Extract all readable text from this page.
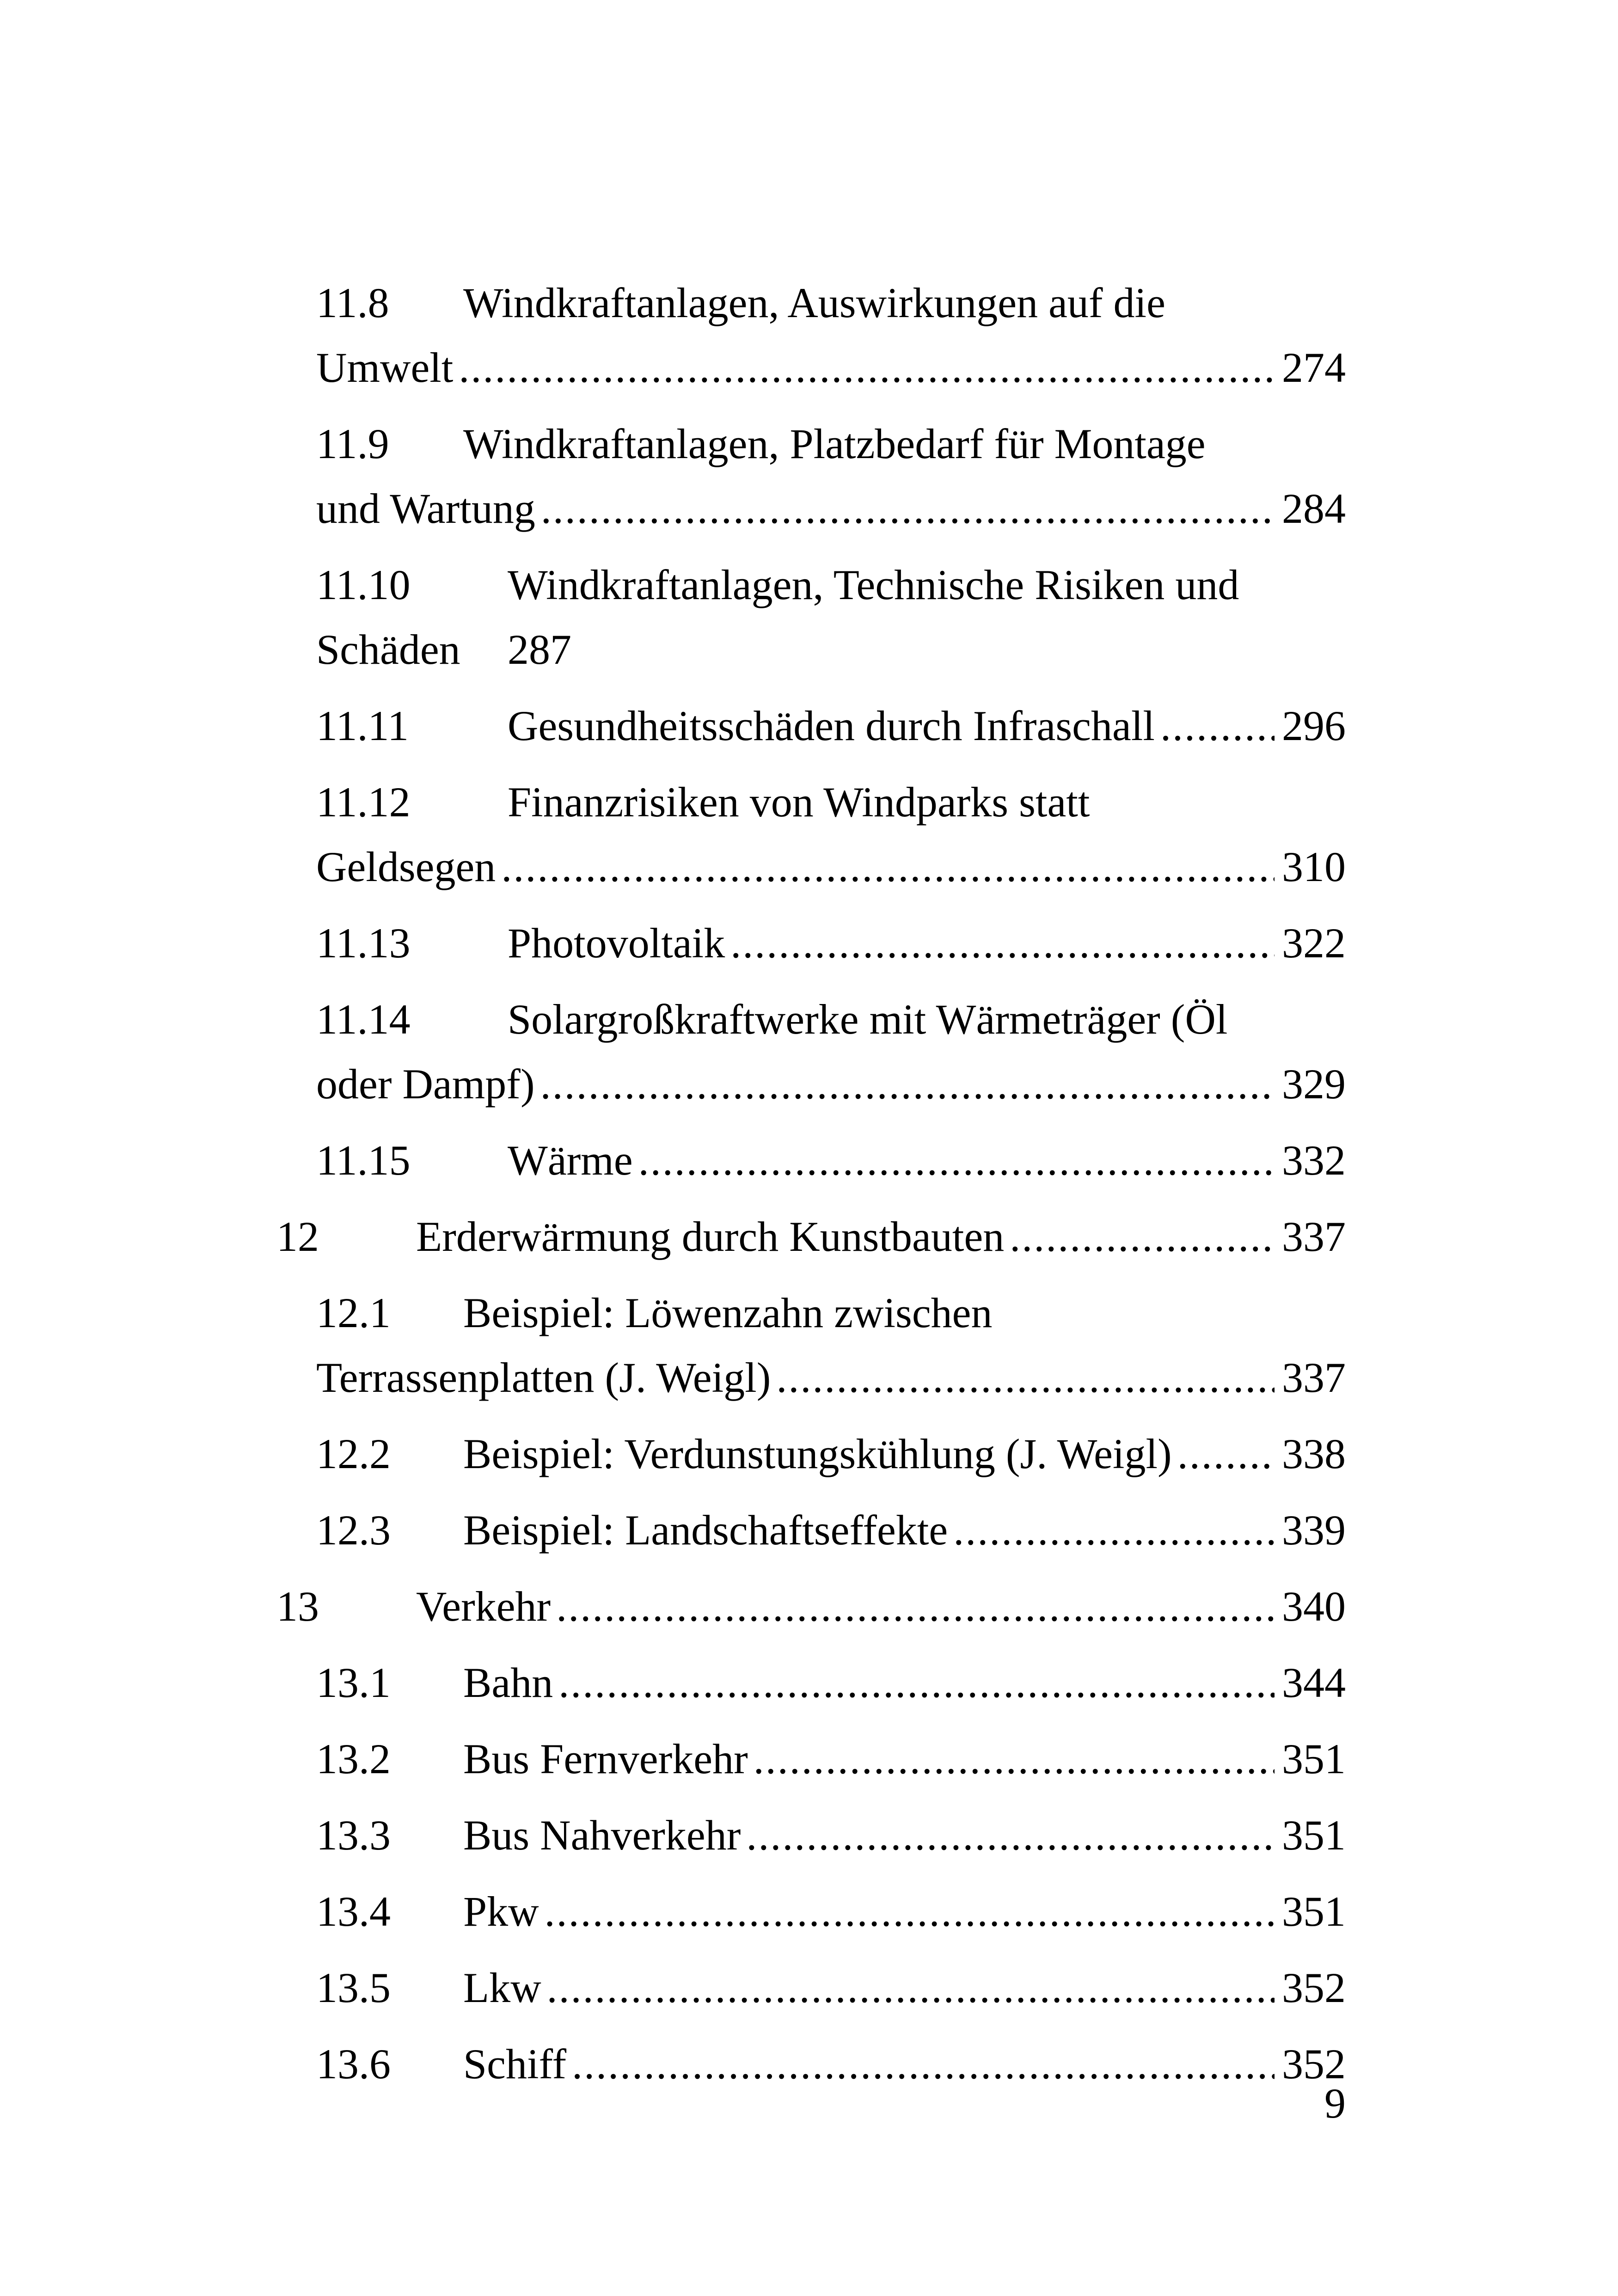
11.8	Windkraftanlagen, Auswirkungen auf die
Umwelt .....	274
11.9	Windkraftanlagen, Platzbedarf für Montage
und Wartung .....	284
11.10	Windkraftanlagen, Technische Risiken und
Schäden 287
11.11	Gesundheitsschäden durch Infraschall .....	296
11.12	Finanzrisiken von Windparks statt
Geldsegen .....	310
11.13	Photovoltaik .....	322
11.14	Solargroßkraftwerke mit Wärmeträger (Öl
oder Dampf) .....	329
11.15	Wärme .....	332
12	Erderwärmung durch Kunstbauten .....	337
12.1	Beispiel: Löwenzahn zwischen
Terrassenplatten (J. Weigl) .....	337
12.2	Beispiel: Verdunstungskühlung (J. Weigl) .....	338
12.3	Beispiel: Landschaftseffekte .....	339
13	Verkehr .....	340
13.1	Bahn .....	344
13.2	Bus Fernverkehr .....	351
13.3	Bus Nahverkehr .....	351
13.4	Pkw .....	351
13.5	Lkw .....	352
13.6	Schiff .....	352
9
